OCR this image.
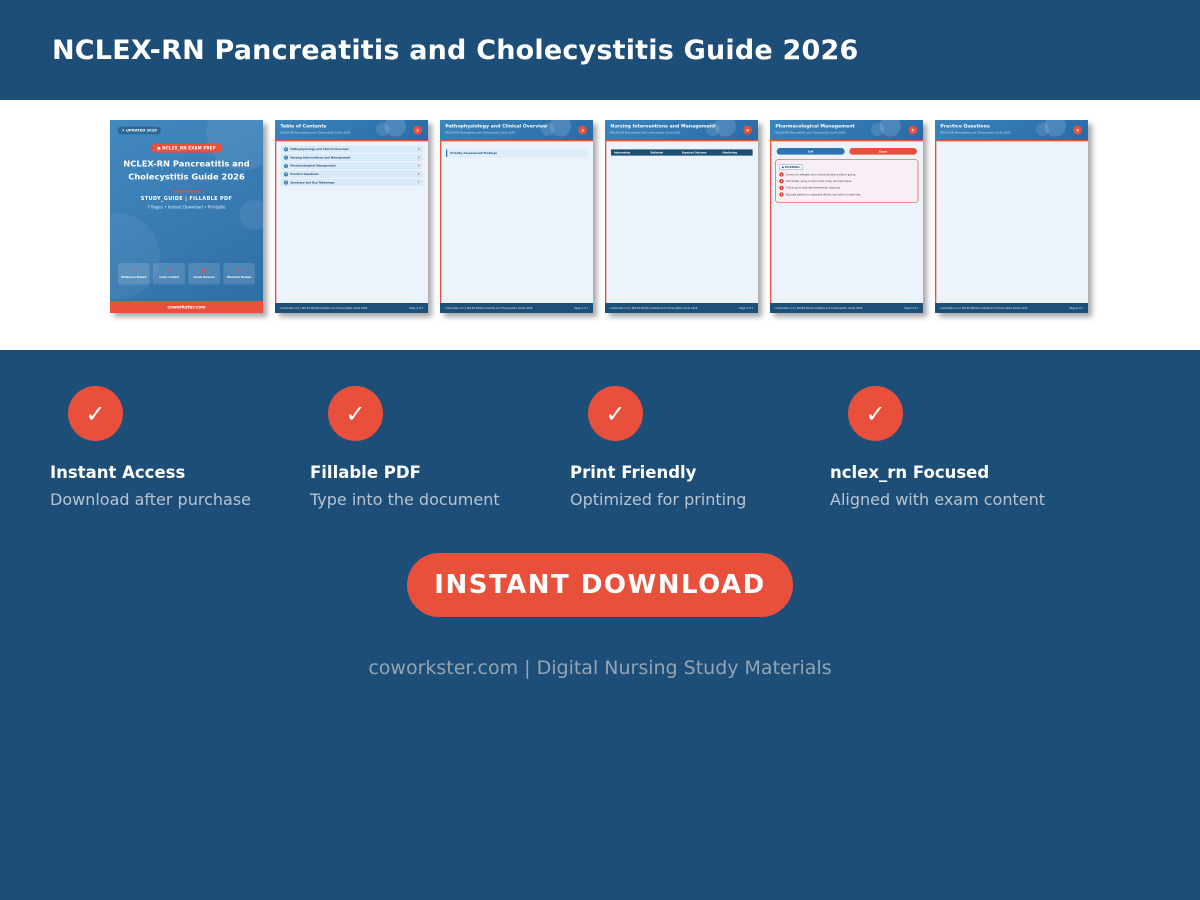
NCLEX-RN Pancreatitis and Cholecystitis Guide 2026
✦ UPDATED 2026
◼ NCLEX_RN EXAM PREP
NCLEX-RN Pancreatitis and Cholecystitis Guide 2026
STUDY_GUIDE | FILLABLE PDF
7 Pages • Instant Download • Printable
✓
Evidence Based
★
Color Coded
◼
Quick Review
★
Student Tested
coworkster.com
Table of Contents
NCLEX-RN Pancreatitis and Cholecystitis Guide 2026
2
1 Pathophysiology and Clinical Overview	3
2 Nursing Interventions and Management	4
3 Pharmacological Management	5
4 Practice Questions	6
5 Summary and Key Takeaways	7
coworkster.com | NCLEX-RN Pancreatitis and Cholecystitis Guide 2026	Page 2 of 7
Pathophysiology and Clinical Overview
NCLEX-RN Pancreatitis and Cholecystitis Guide 2026
3
Priority Assessment Findings
coworkster.com | NCLEX-RN Pancreatitis and Cholecystitis Guide 2026	Page 3 of 7
Nursing Interventions and Management
NCLEX-RN Pancreatitis and Cholecystitis Guide 2026
4
Intervention	Rationale	Expected Outcome	Monitoring
coworkster.com | NCLEX-RN Pancreatitis and Cholecystitis Guide 2026	Page 4 of 7
Pharmacological Management
NCLEX-RN Pancreatitis and Cholecystitis Guide 2026
5
List	Exam
◼ WARNING:
1 Screen for allergies and contraindications before giving
2 Administer using correct route, dose, and technique
3 Follow up to evaluate therapeutic response
4 Educate patient on expected effects and when to seek help
coworkster.com | NCLEX-RN Pancreatitis and Cholecystitis Guide 2026	Page 5 of 7
Practice Questions
NCLEX-RN Pancreatitis and Cholecystitis Guide 2026
6
coworkster.com | NCLEX-RN Pancreatitis and Cholecystitis Guide 2026	Page 6 of 7
✓
Instant Access
Download after purchase
✓
Fillable PDF
Type into the document
✓
Print Friendly
Optimized for printing
✓
nclex_rn Focused
Aligned with exam content
INSTANT DOWNLOAD
coworkster.com | Digital Nursing Study Materials
